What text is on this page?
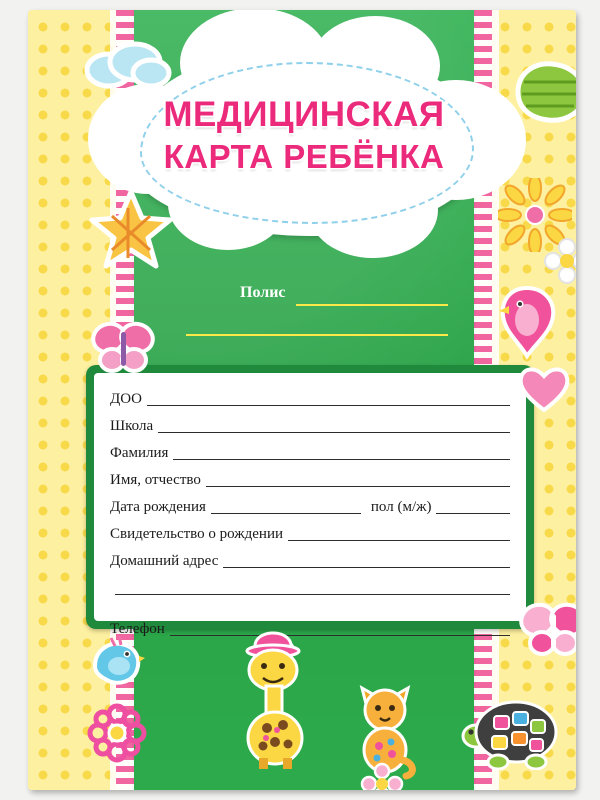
МЕДИЦИНСКАЯ
КАРТА РЕБЁНКА
Полис
ДОО
Школа
Фамилия
Имя, отчество
Дата рождения	пол (м/ж)
Свидетельство о рождении
Домашний адрес
Телефон
